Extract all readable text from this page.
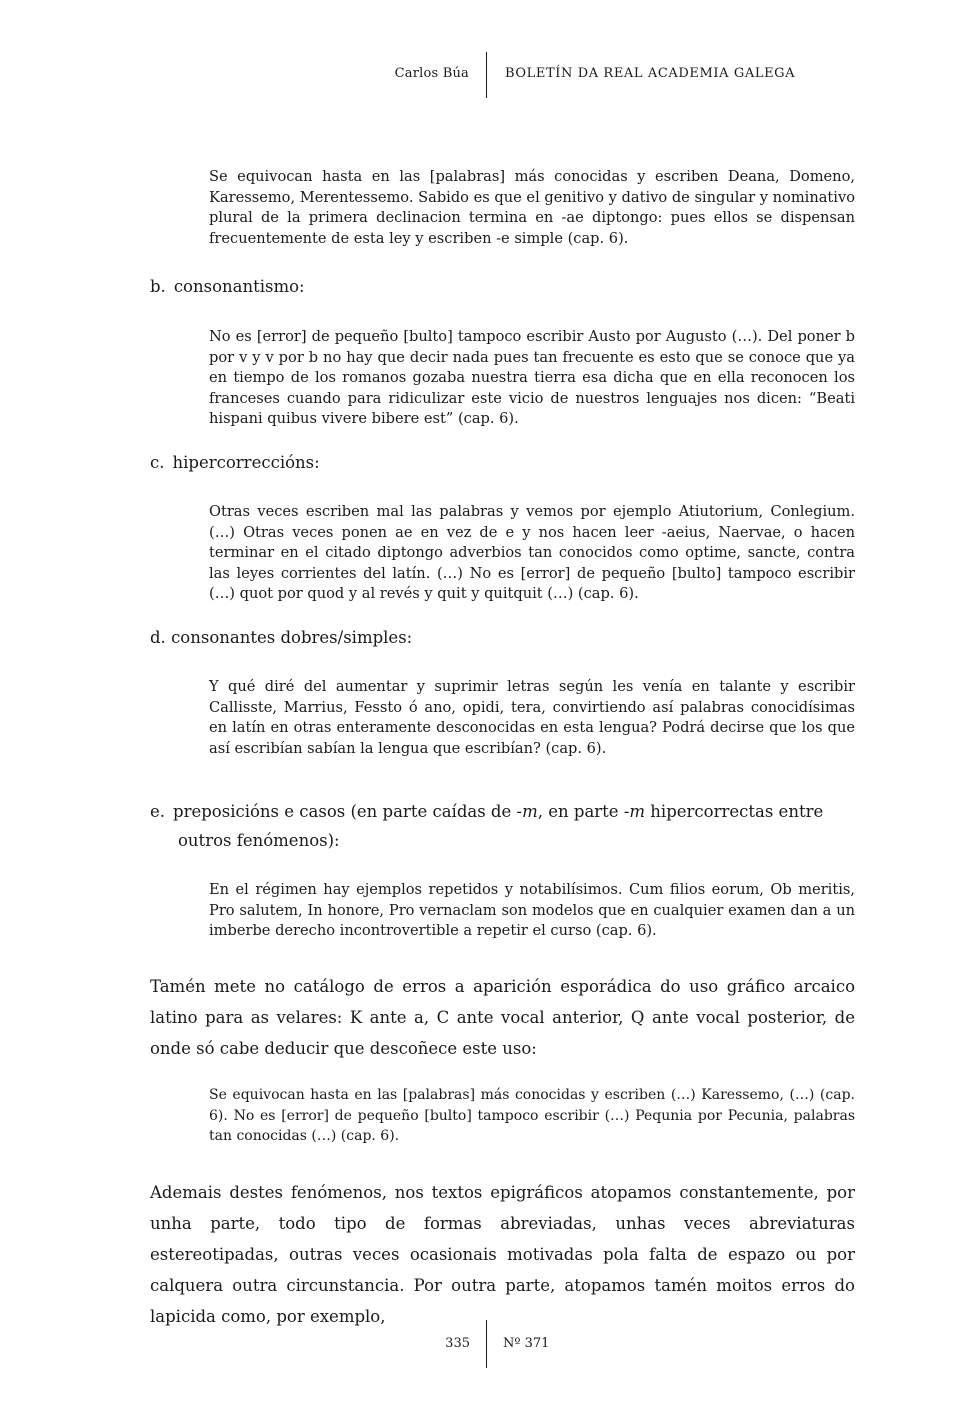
Carlos Búa	BOLETÍN DA REAL ACADEMIA GALEGA
Se equivocan hasta en las [palabras] más conocidas y escriben Deana, Domeno, Karessemo, Merentessemo. Sabido es que el genitivo y dativo de singular y nominativo plural de la primera declinacion termina en -ae diptongo: pues ellos se dispensan frecuentemente de esta ley y escriben -e simple (cap. 6).
b. consonantismo:
No es [error] de pequeño [bulto] tampoco escribir Austo por Augusto (…). Del poner b por v y v por b no hay que decir nada pues tan frecuente es esto que se conoce que ya en tiempo de los romanos gozaba nuestra tierra esa dicha que en ella reconocen los franceses cuando para ridiculizar este vicio de nuestros lenguajes nos dicen: “Beati hispani quibus vivere bibere est” (cap. 6).
c. hipercorreccións:
Otras veces escriben mal las palabras y vemos por ejemplo Atiutorium, Conlegium. (…) Otras veces ponen ae en vez de e y nos hacen leer -aeius, Naervae, o hacen terminar en el citado diptongo adverbios tan conocidos como optime, sancte, contra las leyes corrientes del latín. (…) No es [error] de pequeño [bulto] tampoco escribir (…) quot por quod y al revés y quit y quitquit (…) (cap. 6).
d. consonantes dobres/simples:
Y qué diré del aumentar y suprimir letras según les venía en talante y escribir Callisste, Marrius, Fessto ó ano, opidi, tera, convirtiendo así palabras conocidísimas en latín en otras enteramente desconocidas en esta lengua? Podrá decirse que los que así escribían sabían la lengua que escribían? (cap. 6).
e. preposicións e casos (en parte caídas de -m, en parte -m hipercorrectas entre
outros fenómenos):
En el régimen hay ejemplos repetidos y notabilísimos. Cum filios eorum, Ob meritis, Pro salutem, In honore, Pro vernaclam son modelos que en cualquier examen dan a un imberbe derecho incontrovertible a repetir el curso (cap. 6).
Tamén mete no catálogo de erros a aparición esporádica do uso gráfico arcaico latino para as velares: K ante a, C ante vocal anterior, Q ante vocal posterior, de onde só cabe deducir que descoñece este uso:
Se equivocan hasta en las [palabras] más conocidas y escriben (…) Karessemo, (…) (cap. 6). No es [error] de pequeño [bulto] tampoco escribir (…) Pequnia por Pecunia, palabras tan conocidas (…) (cap. 6).
Ademais destes fenómenos, nos textos epigráficos atopamos constantemente, por unha parte, todo tipo de formas abreviadas, unhas veces abreviaturas estereotipadas, outras veces ocasionais motivadas pola falta de espazo ou por calquera outra circunstancia. Por outra parte, atopamos tamén moitos erros do lapicida como, por exemplo,
335	Nº 371
